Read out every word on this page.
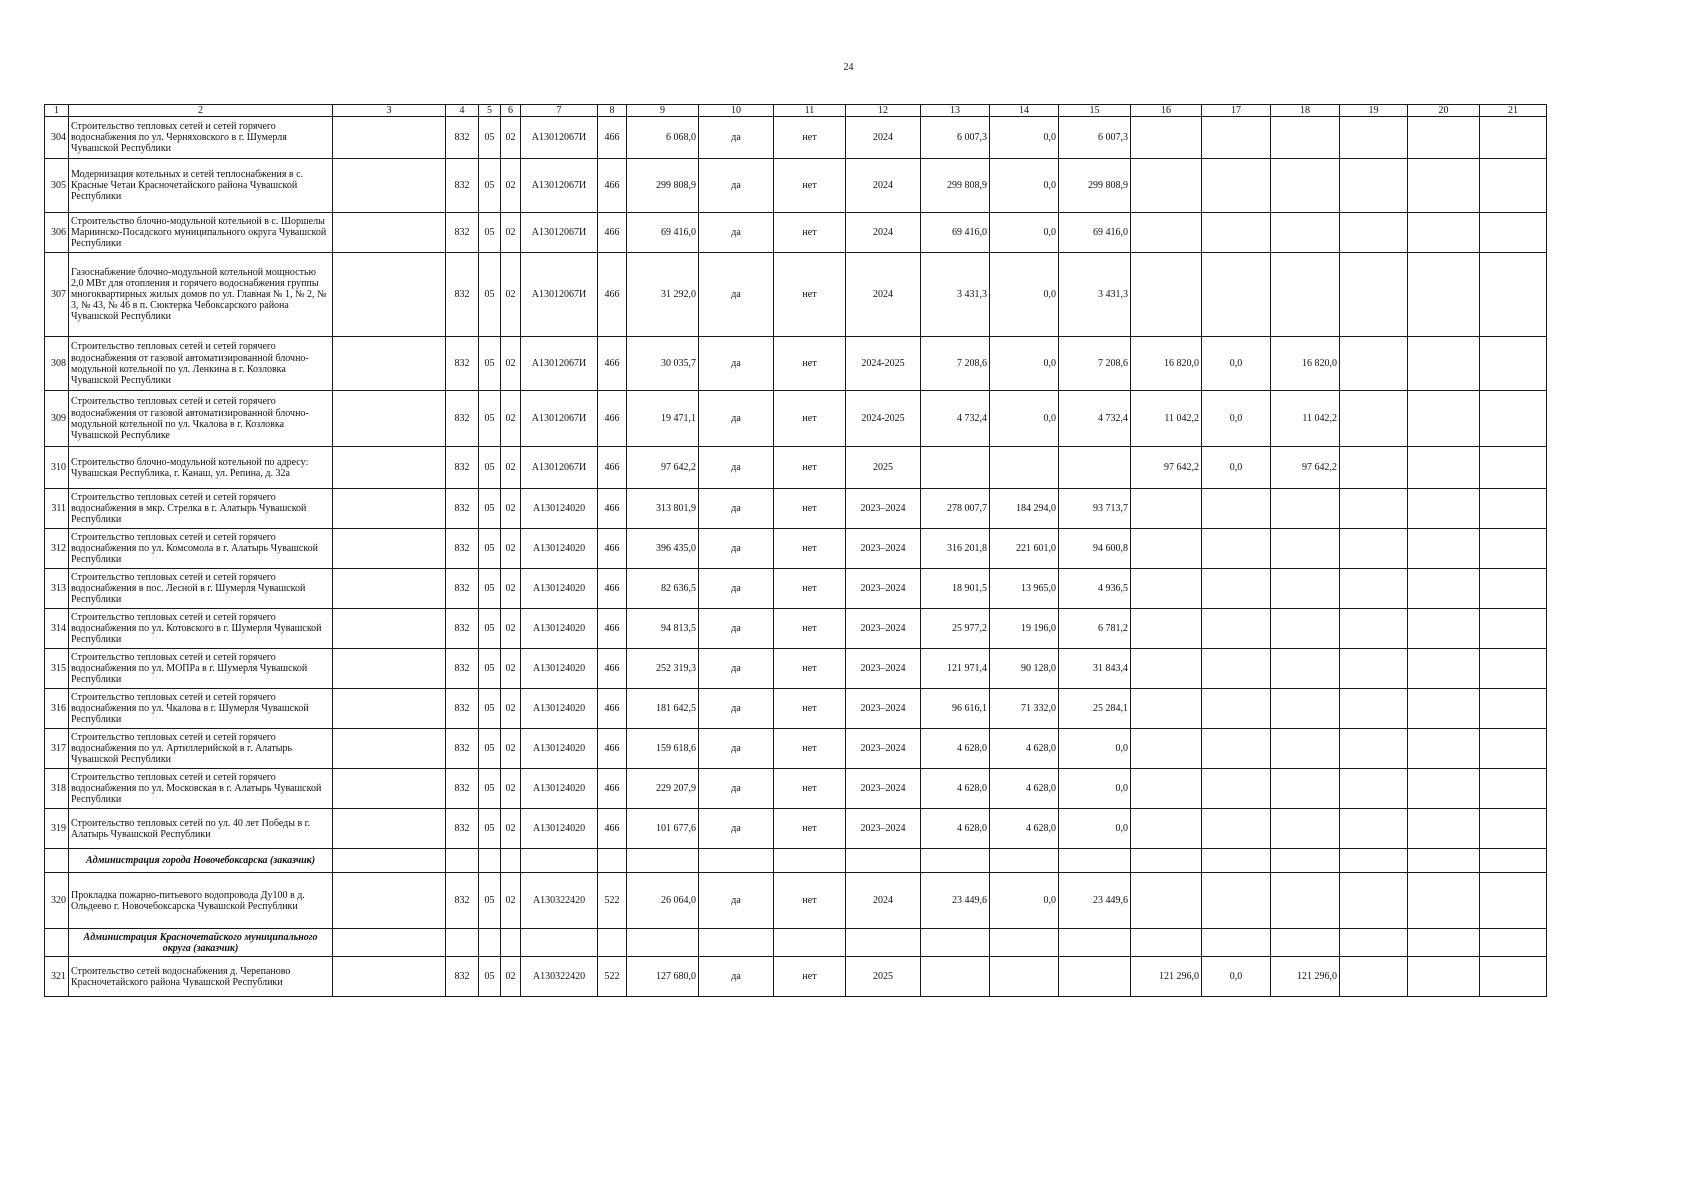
24
1	2	3	4	5	6	7	8	9	10	11	12	13	14	15	16	17	18	19	20	21
304	Строительство тепловых сетей и сетей горячего водоснабжения по ул. Черняховского в г. Шумерля Чувашской Республики		832	05	02	А13012067И	466	6 068,0	да	нет	2024	6 007,3	0,0	6 007,3						
305	Модернизация котельных и сетей теплоснабжения в с. Красные Четаи Красночетайского района Чувашской Республики		832	05	02	А13012067И	466	299 808,9	да	нет	2024	299 808,9	0,0	299 808,9						
306	Строительство блочно-модульной котельной в с. Шоршелы Мариинско-Посадского муниципального округа Чувашской Республики		832	05	02	А13012067И	466	69 416,0	да	нет	2024	69 416,0	0,0	69 416,0						
307	Газоснабжение блочно-модульной котельной мощностью 2,0 МВт для отопления и горячего водоснабжения группы многоквартирных жилых домов по ул. Главная № 1, № 2, № 3, № 43, № 46 в п. Сюктерка Чебоксарского района Чувашской Республики		832	05	02	А13012067И	466	31 292,0	да	нет	2024	3 431,3	0,0	3 431,3						
308	Строительство тепловых сетей и сетей горячего водоснабжения от газовой автоматизированной блочно-модульной котельной по ул. Ленкина в г. Козловка Чувашской Республики		832	05	02	А13012067И	466	30 035,7	да	нет	2024-2025	7 208,6	0,0	7 208,6	16 820,0	0,0	16 820,0			
309	Строительство тепловых сетей и сетей горячего водоснабжения от газовой автоматизированной блочно-модульной котельной по ул. Чкалова в г. Козловка Чувашской Республике		832	05	02	А13012067И	466	19 471,1	да	нет	2024-2025	4 732,4	0,0	4 732,4	11 042,2	0,0	11 042,2			
310	Строительство блочно-модульной котельной по адресу: Чувашская Республика, г. Канаш, ул. Репина, д. 32а		832	05	02	А13012067И	466	97 642,2	да	нет	2025				97 642,2	0,0	97 642,2			
311	Строительство тепловых сетей и сетей горячего водоснабжения в мкр. Стрелка в г. Алатырь Чувашской Республики		832	05	02	А130124020	466	313 801,9	да	нет	2023–2024	278 007,7	184 294,0	93 713,7						
312	Строительство тепловых сетей и сетей горячего водоснабжения по ул. Комсомола в г. Алатырь Чувашской Республики		832	05	02	А130124020	466	396 435,0	да	нет	2023–2024	316 201,8	221 601,0	94 600,8						
313	Строительство тепловых сетей и сетей горячего водоснабжения в пос. Лесной в г. Шумерля Чувашской Республики		832	05	02	А130124020	466	82 636,5	да	нет	2023–2024	18 901,5	13 965,0	4 936,5						
314	Строительство тепловых сетей и сетей горячего водоснабжения по ул. Котовского в г. Шумерля Чувашской Республики		832	05	02	А130124020	466	94 813,5	да	нет	2023–2024	25 977,2	19 196,0	6 781,2						
315	Строительство тепловых сетей и сетей горячего водоснабжения по ул. МОПРа в г. Шумерля Чувашской Республики		832	05	02	А130124020	466	252 319,3	да	нет	2023–2024	121 971,4	90 128,0	31 843,4						
316	Строительство тепловых сетей и сетей горячего водоснабжения по ул. Чкалова в г. Шумерля Чувашской Республики		832	05	02	А130124020	466	181 642,5	да	нет	2023–2024	96 616,1	71 332,0	25 284,1						
317	Строительство тепловых сетей и сетей горячего водоснабжения по ул. Артиллерийской в г. Алатырь Чувашской Республики		832	05	02	А130124020	466	159 618,6	да	нет	2023–2024	4 628,0	4 628,0	0,0						
318	Строительство тепловых сетей и сетей горячего водоснабжения по ул. Московская в г. Алатырь Чувашской Республики		832	05	02	А130124020	466	229 207,9	да	нет	2023–2024	4 628,0	4 628,0	0,0						
319	Строительство тепловых сетей по ул. 40 лет Победы в г. Алатырь Чувашской Республики		832	05	02	А130124020	466	101 677,6	да	нет	2023–2024	4 628,0	4 628,0	0,0						
	Администрация города Новочебоксарска (заказчик)																			
320	Прокладка пожарно-питьевого водопровода Ду100 в д. Ольдеево г. Новочебоксарска Чувашской Республики		832	05	02	А130322420	522	26 064,0	да	нет	2024	23 449,6	0,0	23 449,6						
	Администрация Красночетайского муниципального округа (заказчик)																			
321	Строительство сетей водоснабжения д. Черепаново Красночетайского района Чувашской Республики		832	05	02	А130322420	522	127 680,0	да	нет	2025				121 296,0	0,0	121 296,0			
